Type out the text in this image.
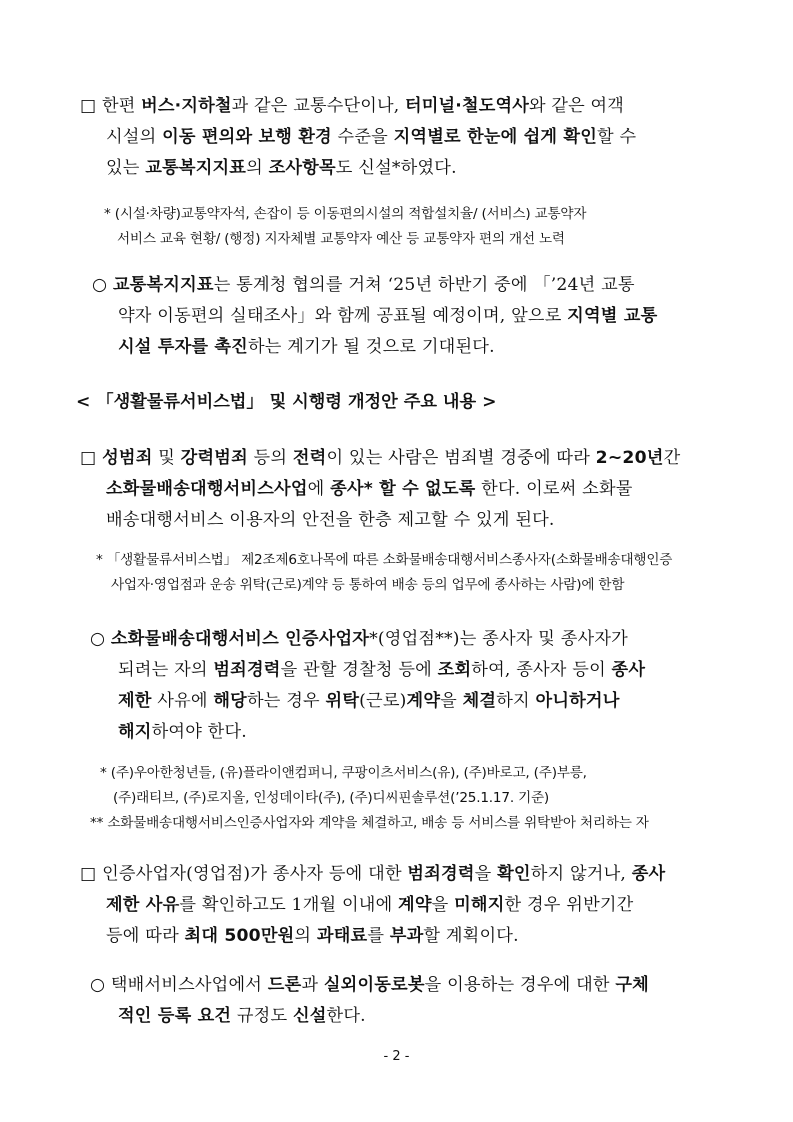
□ 한편 버스·지하철과 같은 교통수단이나, 터미널·철도역사와 같은 여객
시설의 이동 편의와 보행 환경 수준을 지역별로 한눈에 쉽게 확인할 수
있는 교통복지지표의 조사항목도 신설*하였다.
* (시설·차량)교통약자석, 손잡이 등 이동편의시설의 적합설치율/ (서비스) 교통약자
서비스 교육 현황/ (행정) 지자체별 교통약자 예산 등 교통약자 편의 개선 노력
○ 교통복지지표는 통계청 협의를 거쳐 ‘25년 하반기 중에 「’24년 교통
약자 이동편의 실태조사」와 함께 공표될 예정이며, 앞으로 지역별 교통
시설 투자를 촉진하는 계기가 될 것으로 기대된다.
< 「생활물류서비스법」 및 시행령 개정안 주요 내용 >
□ 성범죄 및 강력범죄 등의 전력이 있는 사람은 범죄별 경중에 따라 2~20년간
소화물배송대행서비스사업에 종사* 할 수 없도록 한다. 이로써 소화물
배송대행서비스 이용자의 안전을 한층 제고할 수 있게 된다.
* 「생활물류서비스법」 제2조제6호나목에 따른 소화물배송대행서비스종사자(소화물배송대행인증
사업자·영업점과 운송 위탁(근로)계약 등 통하여 배송 등의 업무에 종사하는 사람)에 한함
○ 소화물배송대행서비스 인증사업자*(영업점**)는 종사자 및 종사자가
되려는 자의 범죄경력을 관할 경찰청 등에 조회하여, 종사자 등이 종사
제한 사유에 해당하는 경우 위탁(근로)계약을 체결하지 아니하거나
해지하여야 한다.
* (주)우아한청년들, (유)플라이앤컴퍼니, 쿠팡이츠서비스(유), (주)바로고, (주)부릉,
(주)래티브, (주)로지올, 인성데이타(주), (주)디씨핀솔루션(’25.1.17. 기준)
** 소화물배송대행서비스인증사업자와 계약을 체결하고, 배송 등 서비스를 위탁받아 처리하는 자
□ 인증사업자(영업점)가 종사자 등에 대한 범죄경력을 확인하지 않거나, 종사
제한 사유를 확인하고도 1개월 이내에 계약을 미해지한 경우 위반기간
등에 따라 최대 500만원의 과태료를 부과할 계획이다.
○ 택배서비스사업에서 드론과 실외이동로봇을 이용하는 경우에 대한 구체
적인 등록 요건 규정도 신설한다.
- 2 -
